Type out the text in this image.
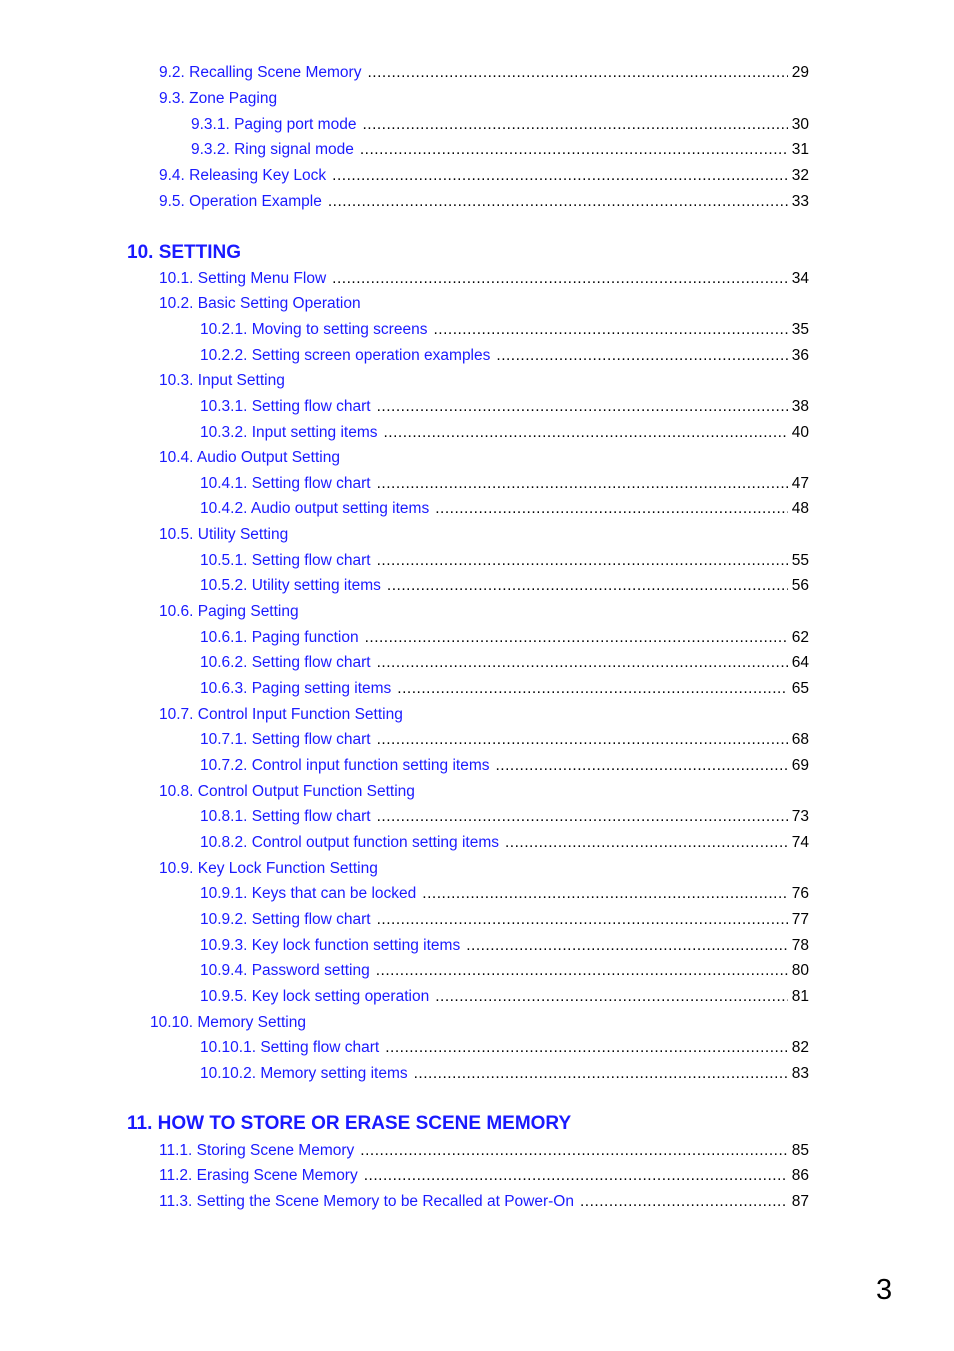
9.2. Recalling Scene Memory .....	29
9.3. Zone Paging
9.3.1. Paging port mode .....	30
9.3.2. Ring signal mode .....	31
9.4. Releasing Key Lock .....	32
9.5. Operation Example .....	33
10.1. Setting Menu Flow .....	34
10.2. Basic Setting Operation
10.2.1. Moving to setting screens .....	35
10.2.2. Setting screen operation examples .....	36
10.3. Input Setting
10.3.1. Setting flow chart .....	38
10.3.2. Input setting items .....	40
10.4. Audio Output Setting
10.4.1. Setting flow chart .....	47
10.4.2. Audio output setting items .....	48
10.5. Utility Setting
10.5.1. Setting flow chart .....	55
10.5.2. Utility setting items .....	56
10.6. Paging Setting
10.6.1. Paging function .....	62
10.6.2. Setting flow chart .....	64
10.6.3. Paging setting items .....	65
10.7. Control Input Function Setting
10.7.1. Setting flow chart .....	68
10.7.2. Control input function setting items .....	69
10.8. Control Output Function Setting
10.8.1. Setting flow chart .....	73
10.8.2. Control output function setting items .....	74
10.9. Key Lock Function Setting
10.9.1. Keys that can be locked .....	76
10.9.2. Setting flow chart .....	77
10.9.3. Key lock function setting items .....	78
10.9.4. Password setting .....	80
10.9.5. Key lock setting operation .....	81
10.10. Memory Setting
10.10.1. Setting flow chart .....	82
10.10.2. Memory setting items .....	83
11.1. Storing Scene Memory .....	85
11.2. Erasing Scene Memory .....	86
11.3. Setting the Scene Memory to be Recalled at Power-On .....	87
10. SETTING
11. HOW TO STORE OR ERASE SCENE MEMORY
3
